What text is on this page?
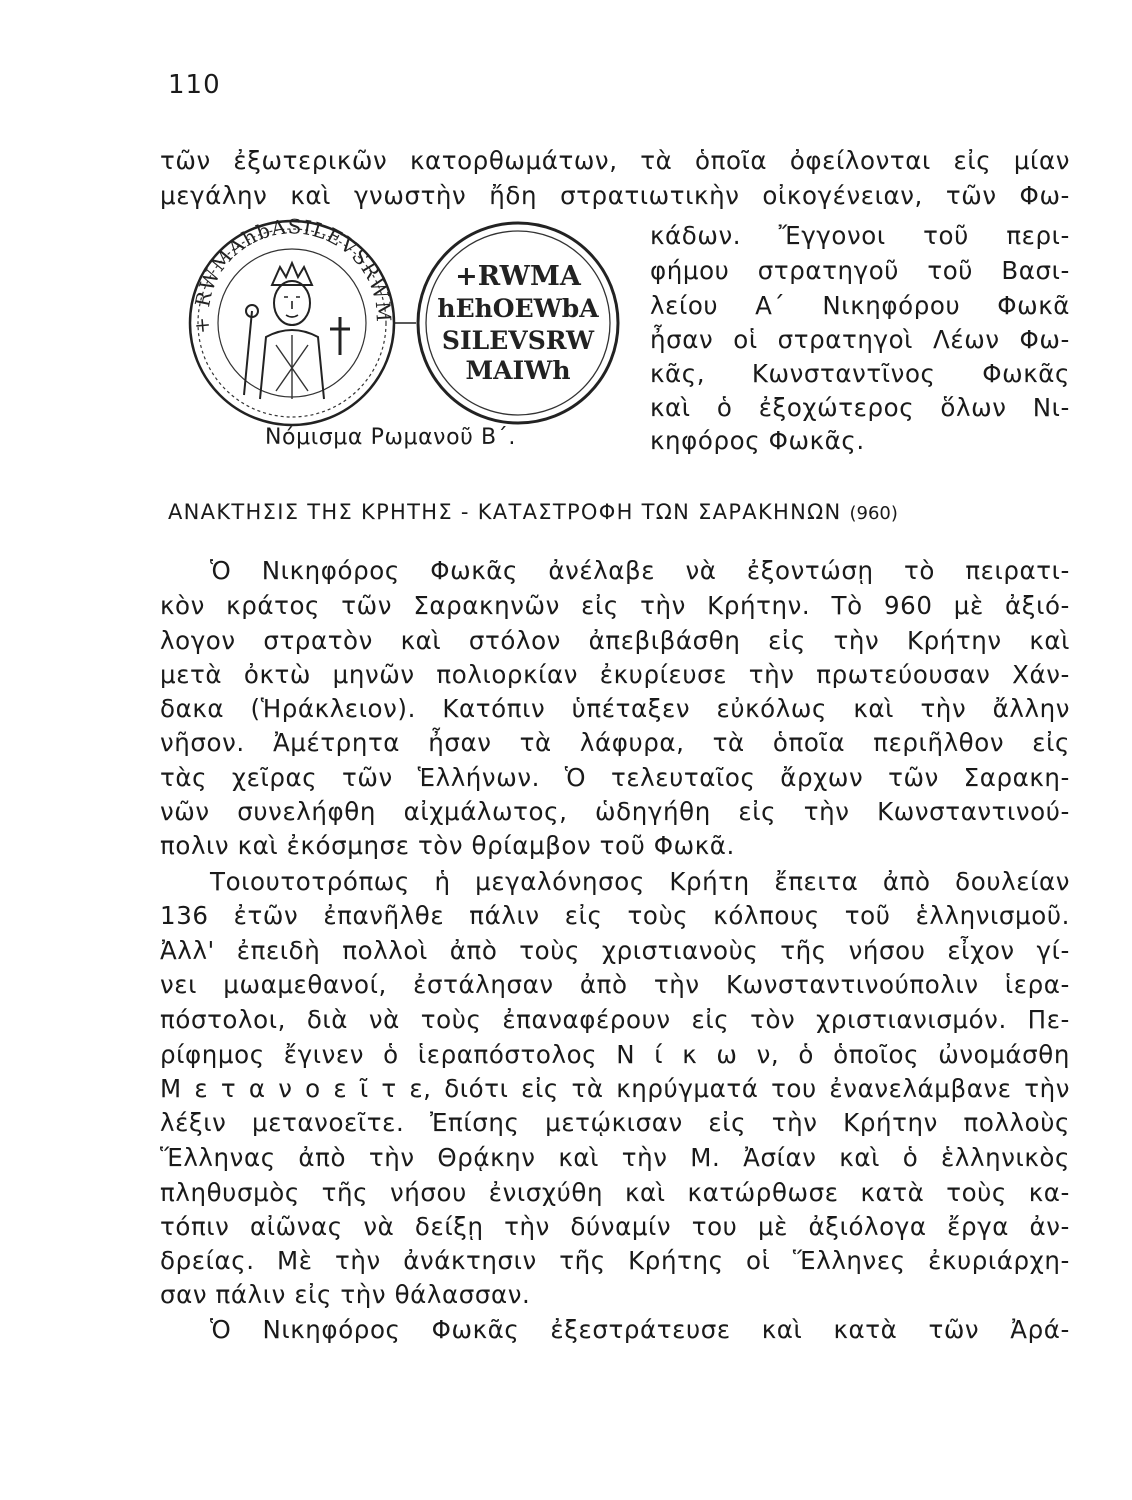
110
τῶν ἐξωτερικῶν κατορθωμάτων, τὰ ὁποῖα ὀφείλονται εἰς μίαν
μεγάλην καὶ γνωστὴν ἤδη στρατιωτικὴν οἰκογένειαν, τῶν Φω-
+ RWMAhbASILEVSRWM
+RWMA
hEhOEWbA
SILEVSRW
MAIWh
Νόμισμα Ρωμανοῦ Β΄.
κάδων. Ἔγγονοι τοῦ περι-
φήμου στρατηγοῦ τοῦ Βασι-
λείου Α΄ Νικηφόρου Φωκᾶ
ἦσαν οἱ στρατηγοὶ Λέων Φω-
κᾶς, Κωνσταντῖνος Φωκᾶς
καὶ ὁ ἐξοχώτερος ὅλων Νι-
κηφόρος Φωκᾶς.
ΑΝΑΚΤΗΣΙΣ ΤΗΣ ΚΡΗΤΗΣ - ΚΑΤΑΣΤΡΟΦΗ ΤΩΝ ΣΑΡΑΚΗΝΩΝ (960)
Ὁ Νικηφόρος Φωκᾶς ἀνέλαβε νὰ ἐξοντώσῃ τὸ πειρατι-
κὸν κράτος τῶν Σαρακηνῶν εἰς τὴν Κρήτην. Τὸ 960 μὲ ἀξιό-
λογον στρατὸν καὶ στόλον ἀπεβιβάσθη εἰς τὴν Κρήτην καὶ
μετὰ ὀκτὼ μηνῶν πολιορκίαν ἐκυρίευσε τὴν πρωτεύουσαν Χάν-
δακα (Ἡράκλειον). Κατόπιν ὑπέταξεν εὐκόλως καὶ τὴν ἄλλην
νῆσον. Ἀμέτρητα ἦσαν τὰ λάφυρα, τὰ ὁποῖα περιῆλθον εἰς
τὰς χεῖρας τῶν Ἑλλήνων. Ὁ τελευταῖος ἄρχων τῶν Σαρακη-
νῶν συνελήφθη αἰχμάλωτος, ὡδηγήθη εἰς τὴν Κωνσταντινού-
πολιν καὶ ἐκόσμησε τὸν θρίαμβον τοῦ Φωκᾶ.
Τοιουτοτρόπως ἡ μεγαλόνησος Κρήτη ἔπειτα ἀπὸ δουλείαν
136 ἐτῶν ἐπανῆλθε πάλιν εἰς τοὺς κόλπους τοῦ ἑλληνισμοῦ.
Ἀλλ' ἐπειδὴ πολλοὶ ἀπὸ τοὺς χριστιανοὺς τῆς νήσου εἶχον γί-
νει μωαμεθανοί, ἐστάλησαν ἀπὸ τὴν Κωνσταντινούπολιν ἱερα-
πόστολοι, διὰ νὰ τοὺς ἐπαναφέρουν εἰς τὸν χριστιανισμόν. Πε-
ρίφημος ἔγινεν ὁ ἱεραπόστολος Ν ί κ ω ν, ὁ ὁποῖος ὠνομάσθη
Μ ε τ α ν ο ε ῖ τ ε, διότι εἰς τὰ κηρύγματά του ἐνανελάμβανε τὴν
λέξιν μετανοεῖτε. Ἐπίσης μετῴκισαν εἰς τὴν Κρήτην πολλοὺς
Ἕλληνας ἀπὸ τὴν Θρᾴκην καὶ τὴν Μ. Ἀσίαν καὶ ὁ ἑλληνικὸς
πληθυσμὸς τῆς νήσου ἐνισχύθη καὶ κατώρθωσε κατὰ τοὺς κα-
τόπιν αἰῶνας νὰ δείξῃ τὴν δύναμίν του μὲ ἀξιόλογα ἔργα ἀν-
δρείας. Μὲ τὴν ἀνάκτησιν τῆς Κρήτης οἱ Ἕλληνες ἐκυριάρχη-
σαν πάλιν εἰς τὴν θάλασσαν.
Ὁ Νικηφόρος Φωκᾶς ἐξεστράτευσε καὶ κατὰ τῶν Ἀρά-
